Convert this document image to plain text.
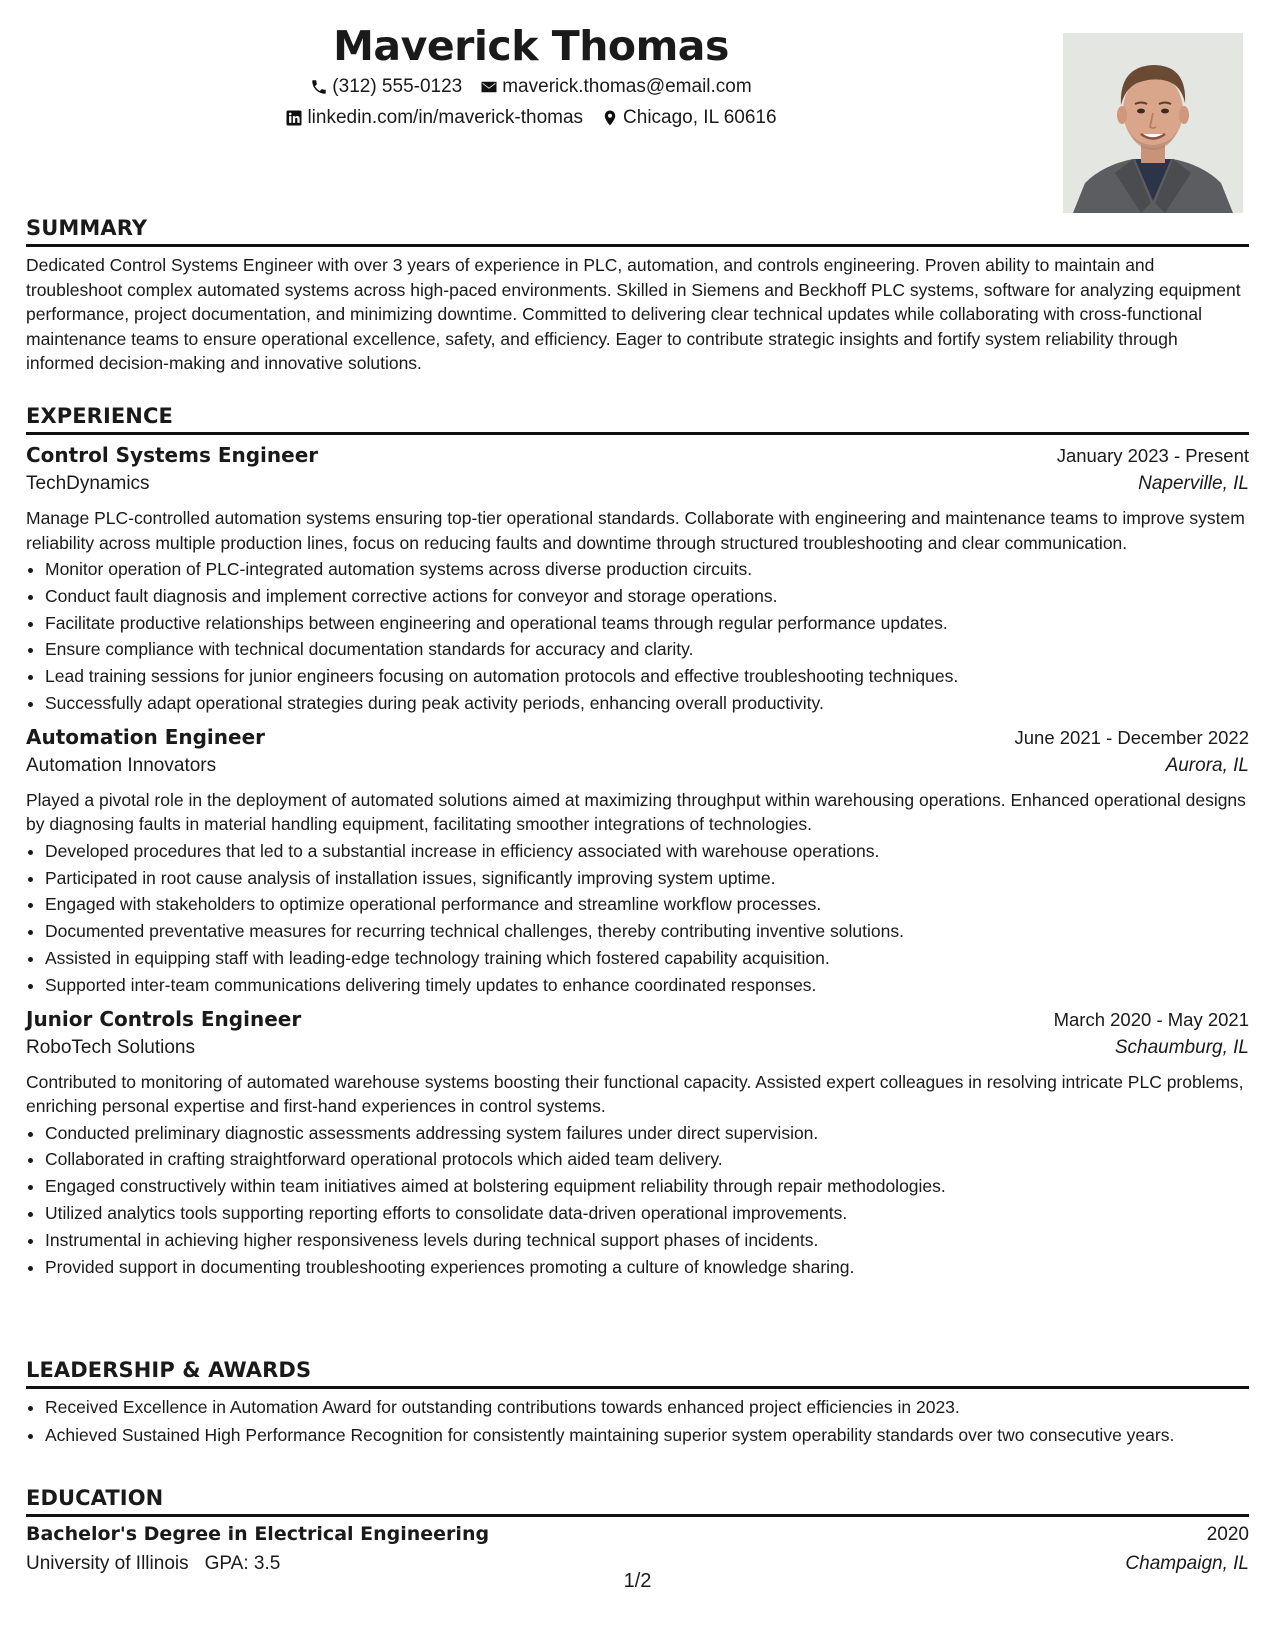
Maverick Thomas
(312) 555-0123 maverick.thomas@email.com
linkedin.com/in/maverick-thomas Chicago, IL 60616
SUMMARY

Dedicated Control Systems Engineer with over 3 years of experience in PLC, automation, and controls engineering. Proven ability to maintain and troubleshoot complex automated systems across high-paced environments. Skilled in Siemens and Beckhoff PLC systems, software for analyzing equipment performance, project documentation, and minimizing downtime. Committed to delivering clear technical updates while collaborating with cross-functional maintenance teams to ensure operational excellence, safety, and efficiency. Eager to contribute strategic insights and fortify system reliability through informed decision-making and innovative solutions.

EXPERIENCE
Control Systems Engineer	January 2023 - Present
TechDynamics	Naperville, IL
Manage PLC-controlled automation systems ensuring top-tier operational standards. Collaborate with engineering and maintenance teams to improve system reliability across multiple production lines, focus on reducing faults and downtime through structured troubleshooting and clear communication.
• Monitor operation of PLC-integrated automation systems across diverse production circuits.
• Conduct fault diagnosis and implement corrective actions for conveyor and storage operations.
• Facilitate productive relationships between engineering and operational teams through regular performance updates.
• Ensure compliance with technical documentation standards for accuracy and clarity.
• Lead training sessions for junior engineers focusing on automation protocols and effective troubleshooting techniques.
• Successfully adapt operational strategies during peak activity periods, enhancing overall productivity.
Automation Engineer	June 2021 - December 2022
Automation Innovators	Aurora, IL
Played a pivotal role in the deployment of automated solutions aimed at maximizing throughput within warehousing operations. Enhanced operational designs by diagnosing faults in material handling equipment, facilitating smoother integrations of technologies.
• Developed procedures that led to a substantial increase in efficiency associated with warehouse operations.
• Participated in root cause analysis of installation issues, significantly improving system uptime.
• Engaged with stakeholders to optimize operational performance and streamline workflow processes.
• Documented preventative measures for recurring technical challenges, thereby contributing inventive solutions.
• Assisted in equipping staff with leading-edge technology training which fostered capability acquisition.
• Supported inter-team communications delivering timely updates to enhance coordinated responses.
Junior Controls Engineer	March 2020 - May 2021
RoboTech Solutions	Schaumburg, IL
Contributed to monitoring of automated warehouse systems boosting their functional capacity. Assisted expert colleagues in resolving intricate PLC problems, enriching personal expertise and first-hand experiences in control systems.
• Conducted preliminary diagnostic assessments addressing system failures under direct supervision.
• Collaborated in crafting straightforward operational protocols which aided team delivery.
• Engaged constructively within team initiatives aimed at bolstering equipment reliability through repair methodologies.
• Utilized analytics tools supporting reporting efforts to consolidate data-driven operational improvements.
• Instrumental in achieving higher responsiveness levels during technical support phases of incidents.
• Provided support in documenting troubleshooting experiences promoting a culture of knowledge sharing.
LEADERSHIP & AWARDS
• Received Excellence in Automation Award for outstanding contributions towards enhanced project efficiencies in 2023.
• Achieved Sustained High Performance Recognition for consistently maintaining superior system operability standards over two consecutive years.
EDUCATION
Bachelor's Degree in Electrical Engineering	2020
University of Illinois GPA: 3.5	Champaign, IL
1/2
